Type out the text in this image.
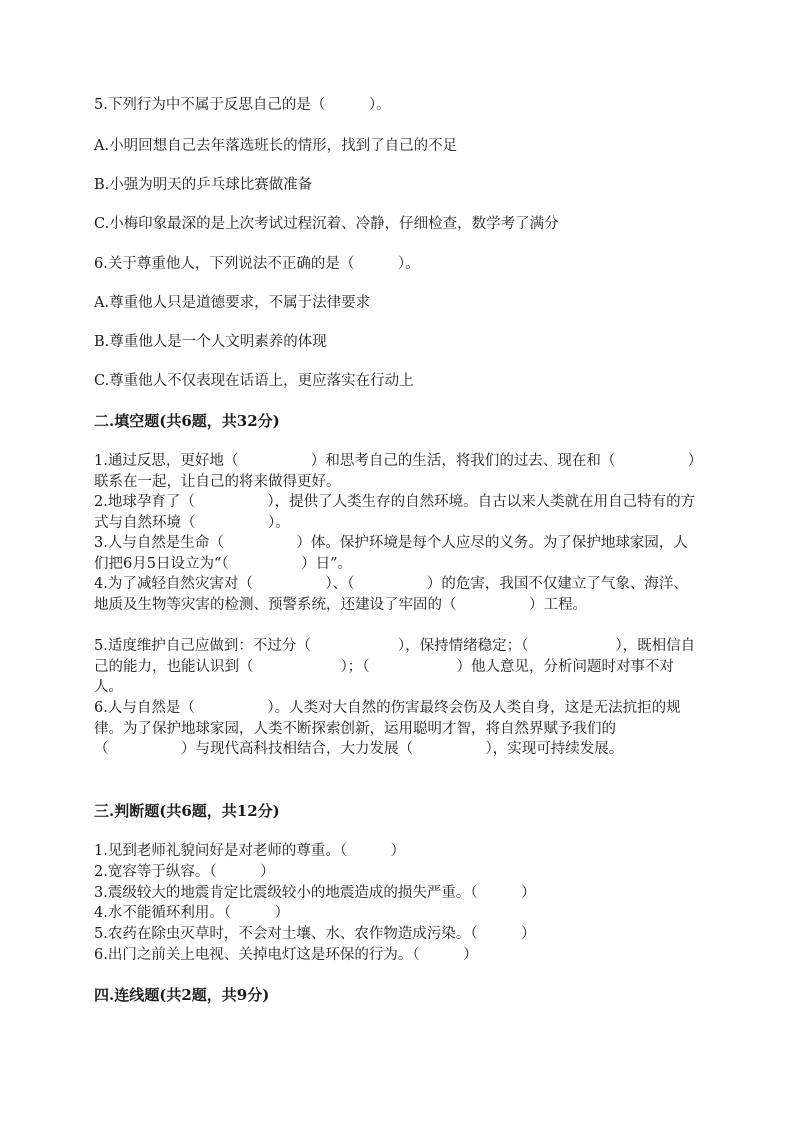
5.下列行为中不属于反思自己的是（　　　）。
A.小明回想自己去年落选班长的情形，找到了自己的不足
B.小强为明天的乒乓球比赛做准备
C.小梅印象最深的是上次考试过程沉着、冷静，仔细检查，数学考了满分
6.关于尊重他人，下列说法不正确的是（　　　）。
A.尊重他人只是道德要求，不属于法律要求
B.尊重他人是一个人文明素养的体现
C.尊重他人不仅表现在话语上，更应落实在行动上
二.填空题(共6题，共32分)
1.通过反思，更好地（　　　　　）和思考自己的生活，将我们的过去、现在和（　　　　　）联系在一起，让自己的将来做得更好。
2.地球孕育了（　　　　　），提供了人类生存的自然环境。自古以来人类就在用自己特有的方式与自然环境（　　　　　）。
3.人与自然是生命（　　　　　）体。保护环境是每个人应尽的义务。为了保护地球家园，人们把6月5日设立为“（　　　　　）日”。
4.为了减轻自然灾害对（　　　　　）、（　　　　　）的危害，我国不仅建立了气象、海洋、地质及生物等灾害的检测、预警系统，还建设了牢固的（　　　　　）工程。
5.适度维护自己应做到：不过分（　　　　　　），保持情绪稳定；（　　　　　　），既相信自己的能力，也能认识到（　　　　　　）；（　　　　　　）他人意见，分析问题时对事不对人。
6.人与自然是（　　　　　）。人类对大自然的伤害最终会伤及人类自身，这是无法抗拒的规律。为了保护地球家园，人类不断探索创新，运用聪明才智，将自然界赋予我们的（　　　　　）与现代高科技相结合，大力发展（　　　　　），实现可持续发展。
三.判断题(共6题，共12分)
1.见到老师礼貌问好是对老师的尊重。（　　　）
2.宽容等于纵容。（　　　）
3.震级较大的地震肯定比震级较小的地震造成的损失严重。（　　　）
4.水不能循环利用。（　　　）
5.农药在除虫灭草时，不会对土壤、水、农作物造成污染。（　　　）
6.出门之前关上电视、关掉电灯这是环保的行为。（　　　）
四.连线题(共2题，共9分)
